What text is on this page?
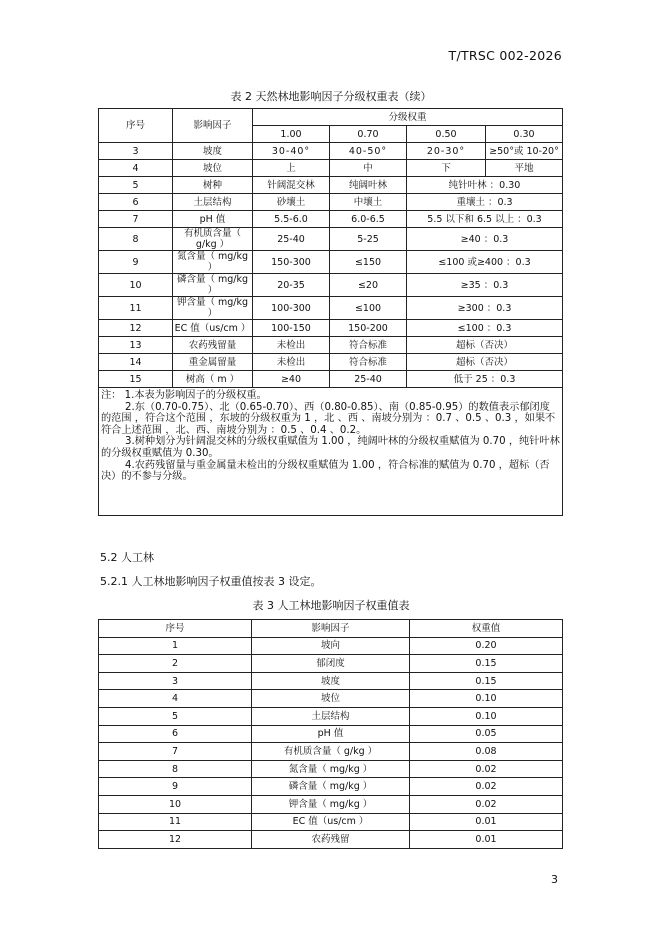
T/TRSC 002-2026
表 2 天然林地影响因子分级权重表（续）
序号	影响因子	分级权重			
		1.00	0.70	0.50	0.30
3	坡度	30-40°	40-50°	20-30°	≥50°或 10-20°
4	坡位	上	中	下	平地
5	树种	针阔混交林	纯阔叶林	纯针叶林 ：0.30	
6	土层结构	砂壤土	中壤土	重壤土 ：0.3	
7	pH 值	5.5-6.0	6.0-6.5	5.5 以下和 6.5 以上 ：0.3	
8	有机质含量（ g/kg ）	25-40	5-25	≥40 ：0.3	
9	氮含量（ mg/kg ）	150-300	≤150	≤100 或≥400 ：0.3	
10	磷含量（ mg/kg ）	20-35	≤20	≥35 ：0.3	
11	钾含量（ mg/kg ）	100-300	≤100	≥300 ：0.3	
12	EC 值（us/cm ）	100-150	150-200	≤100 ：0.3	
13	农药残留量	未检出	符合标准	超标（否决）	
14	重金属留量	未检出	符合标准	超标（否决）	
15	树高（ m ）	≥40	25-40	低于 25 ：0.3	

注： 1.本表为影响因子的分级权重。

2.东（0.70-0.75）、北（0.65-0.70）、西（0.80-0.85）、南（0.85-0.95）的数值表示郁闭度的范围 ，符合这个范围 ，东坡的分级权重为 1 ，北 、西 、南坡分别为 ：0.7 、0.5 、0.3 ，如果不符合上述范围 ，北、西、南坡分别为 ：0.5 、0.4 、0.2。

3.树种划分为针阔混交林的分级权重赋值为 1.00 ，纯阔叶林的分级权重赋值为 0.70 ，纯针叶林的分级权重赋值为 0.30。

4.农药残留量与重金属量未检出的分级权重赋值为 1.00 ，符合标准的赋值为 0.70 ，超标（否决）的不参与分级。					

5.2 人工林
5.2.1 人工林地影响因子权重值按表 3 设定。
表 3 人工林地影响因子权重值表
序号	影响因子	权重值
1	坡向	0.20
2	郁闭度	0.15
3	坡度	0.15
4	坡位	0.10
5	土层结构	0.10
6	pH 值	0.05
7	有机质含量（ g/kg ）	0.08
8	氮含量（ mg/kg ）	0.02
9	磷含量（ mg/kg ）	0.02
10	钾含量（ mg/kg ）	0.02
11	EC 值（us/cm ）	0.01
12	农药残留	0.01
3
